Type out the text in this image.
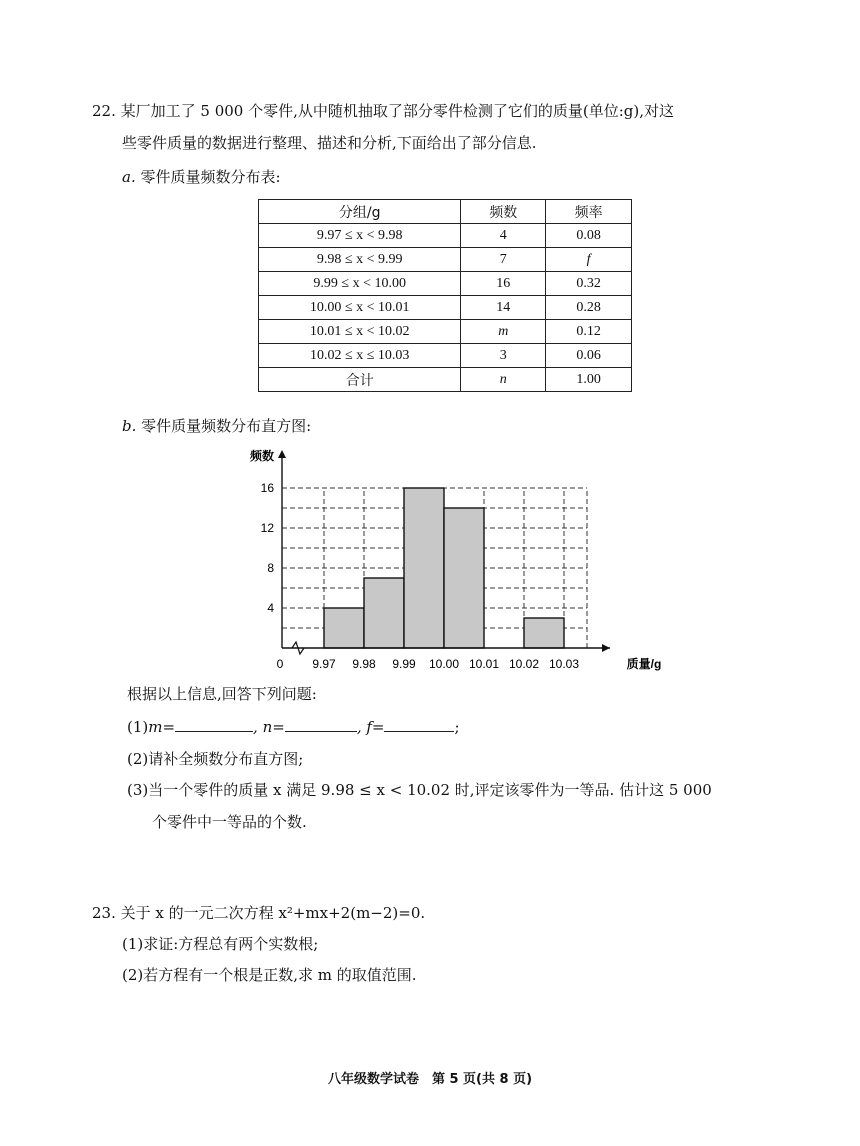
22. 某厂加工了 5 000 个零件,从中随机抽取了部分零件检测了它们的质量(单位:g),对这
些零件质量的数据进行整理、描述和分析,下面给出了部分信息.
a. 零件质量频数分布表:
分组/g	频数	频率
9.97 ≤ x < 9.98	4	0.08
9.98 ≤ x < 9.99	7	f
9.99 ≤ x < 10.00	16	0.32
10.00 ≤ x < 10.01	14	0.28
10.01 ≤ x < 10.02	m	0.12
10.02 ≤ x ≤ 10.03	3	0.06
合计	n	1.00
b. 零件质量频数分布直方图:
4
8
12
16
9.97 9.98 9.99 10.00 10.01 10.02 10.03
0
频数
质量/g
根据以上信息,回答下列问题:
(1)m=	, n=	, f=	;
(2)请补全频数分布直方图;
(3)当一个零件的质量 x 满足 9.98 ≤ x < 10.02 时,评定该零件为一等品. 估计这 5 000
个零件中一等品的个数.
23. 关于 x 的一元二次方程 x²+mx+2(m−2)=0.
(1)求证:方程总有两个实数根;
(2)若方程有一个根是正数,求 m 的取值范围.
八年级数学试卷　第 5 页(共 8 页)
